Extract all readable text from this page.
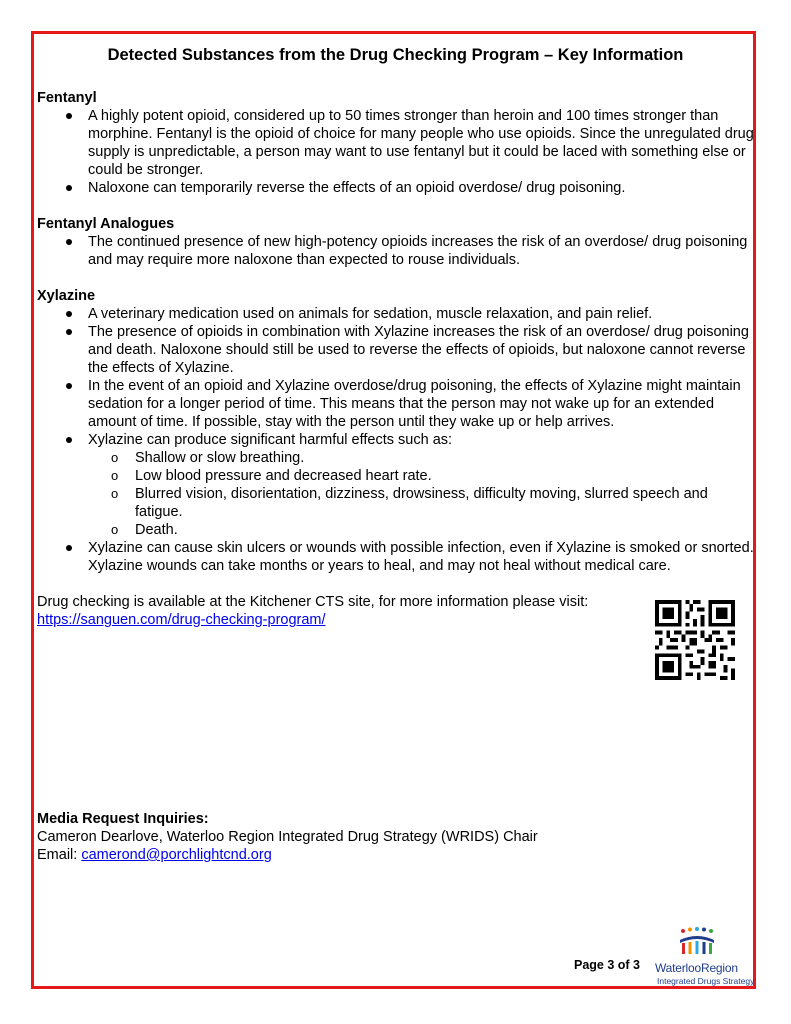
Detected Substances from the Drug Checking Program – Key Information
Fentanyl
A highly potent opioid, considered up to 50 times stronger than heroin and 100 times stronger than morphine. Fentanyl is the opioid of choice for many people who use opioids. Since the unregulated drug supply is unpredictable, a person may want to use fentanyl but it could be laced with something else or could be stronger.
Naloxone can temporarily reverse the effects of an opioid overdose/ drug poisoning.
Fentanyl Analogues
The continued presence of new high-potency opioids increases the risk of an overdose/ drug poisoning and may require more naloxone than expected to rouse individuals.
Xylazine
A veterinary medication used on animals for sedation, muscle relaxation, and pain relief.
The presence of opioids in combination with Xylazine increases the risk of an overdose/ drug poisoning and death. Naloxone should still be used to reverse the effects of opioids, but naloxone cannot reverse the effects of Xylazine.
In the event of an opioid and Xylazine overdose/drug poisoning, the effects of Xylazine might maintain sedation for a longer period of time. This means that the person may not wake up for an extended amount of time. If possible, stay with the person until they wake up or help arrives.
Xylazine can produce significant harmful effects such as:
o Shallow or slow breathing.
o Low blood pressure and decreased heart rate.
o Blurred vision, disorientation, dizziness, drowsiness, difficulty moving, slurred speech and fatigue.
o Death.
Xylazine can cause skin ulcers or wounds with possible infection, even if Xylazine is smoked or snorted. Xylazine wounds can take months or years to heal, and may not heal without medical care.
Drug checking is available at the Kitchener CTS site, for more information please visit:
https://sanguen.com/drug-checking-program/
Media Request Inquiries:
Cameron Dearlove, Waterloo Region Integrated Drug Strategy (WRIDS) Chair
Email: camerond@porchlightcnd.org
Page 3 of 3 WaterlooRegion
Integrated Drugs Strategy
